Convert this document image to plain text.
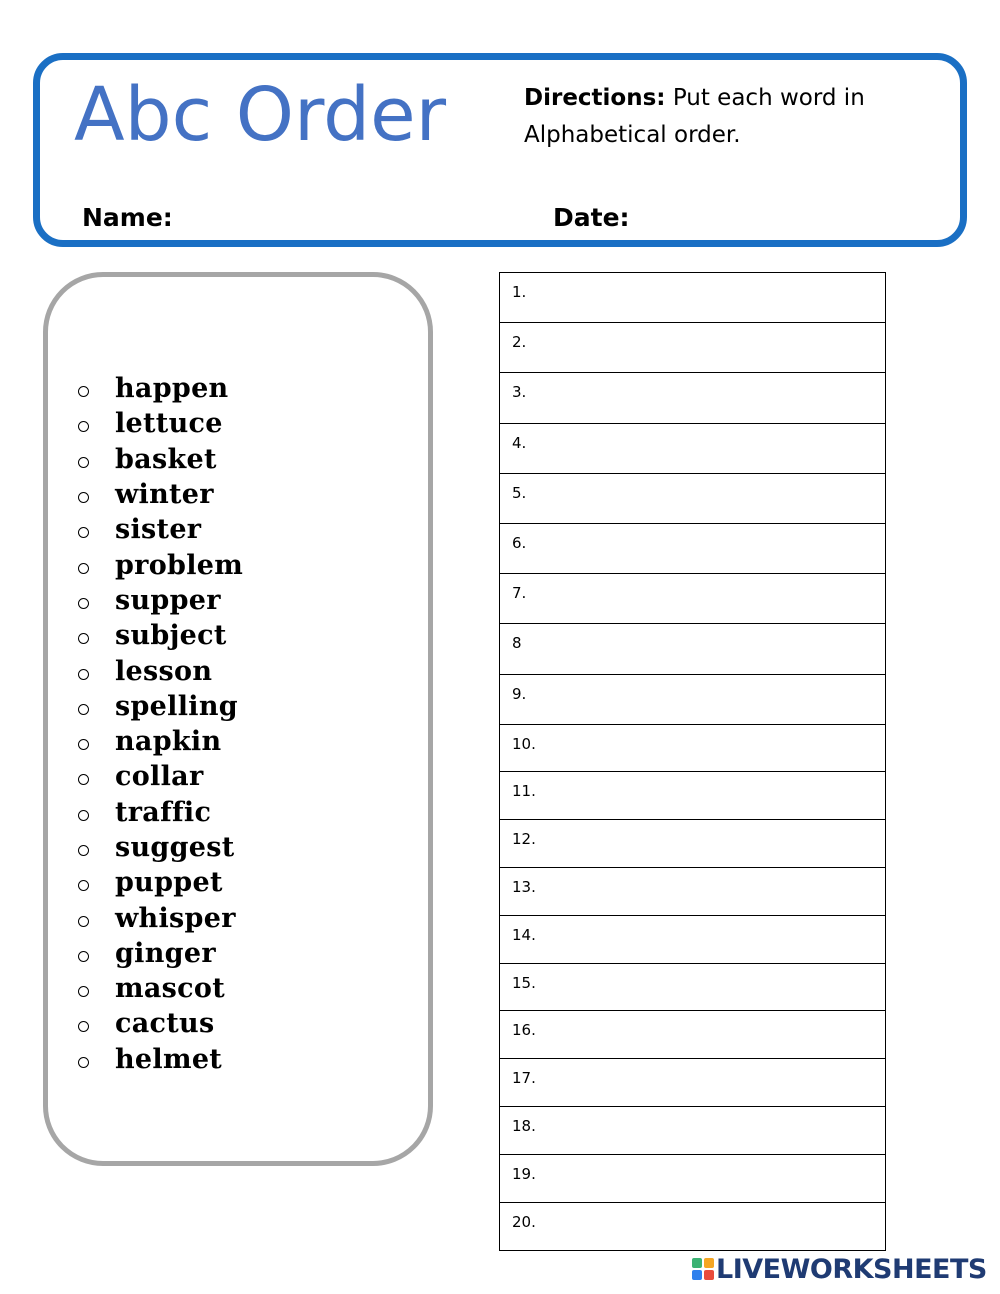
Abc Order	Directions: Put each word in Alphabetical order.
Name:	Date:
happen
lettuce
basket
winter
sister
problem
supper
subject
lesson
spelling
napkin
collar
traffic
suggest
puppet
whisper
ginger
mascot
cactus
helmet
1.
2.
3.
4.
5.
6.
7.
8
9.
10.
11.
12.
13.
14.
15.
16.
17.
18.
19.
20.
LIVEWORKSHEETS
